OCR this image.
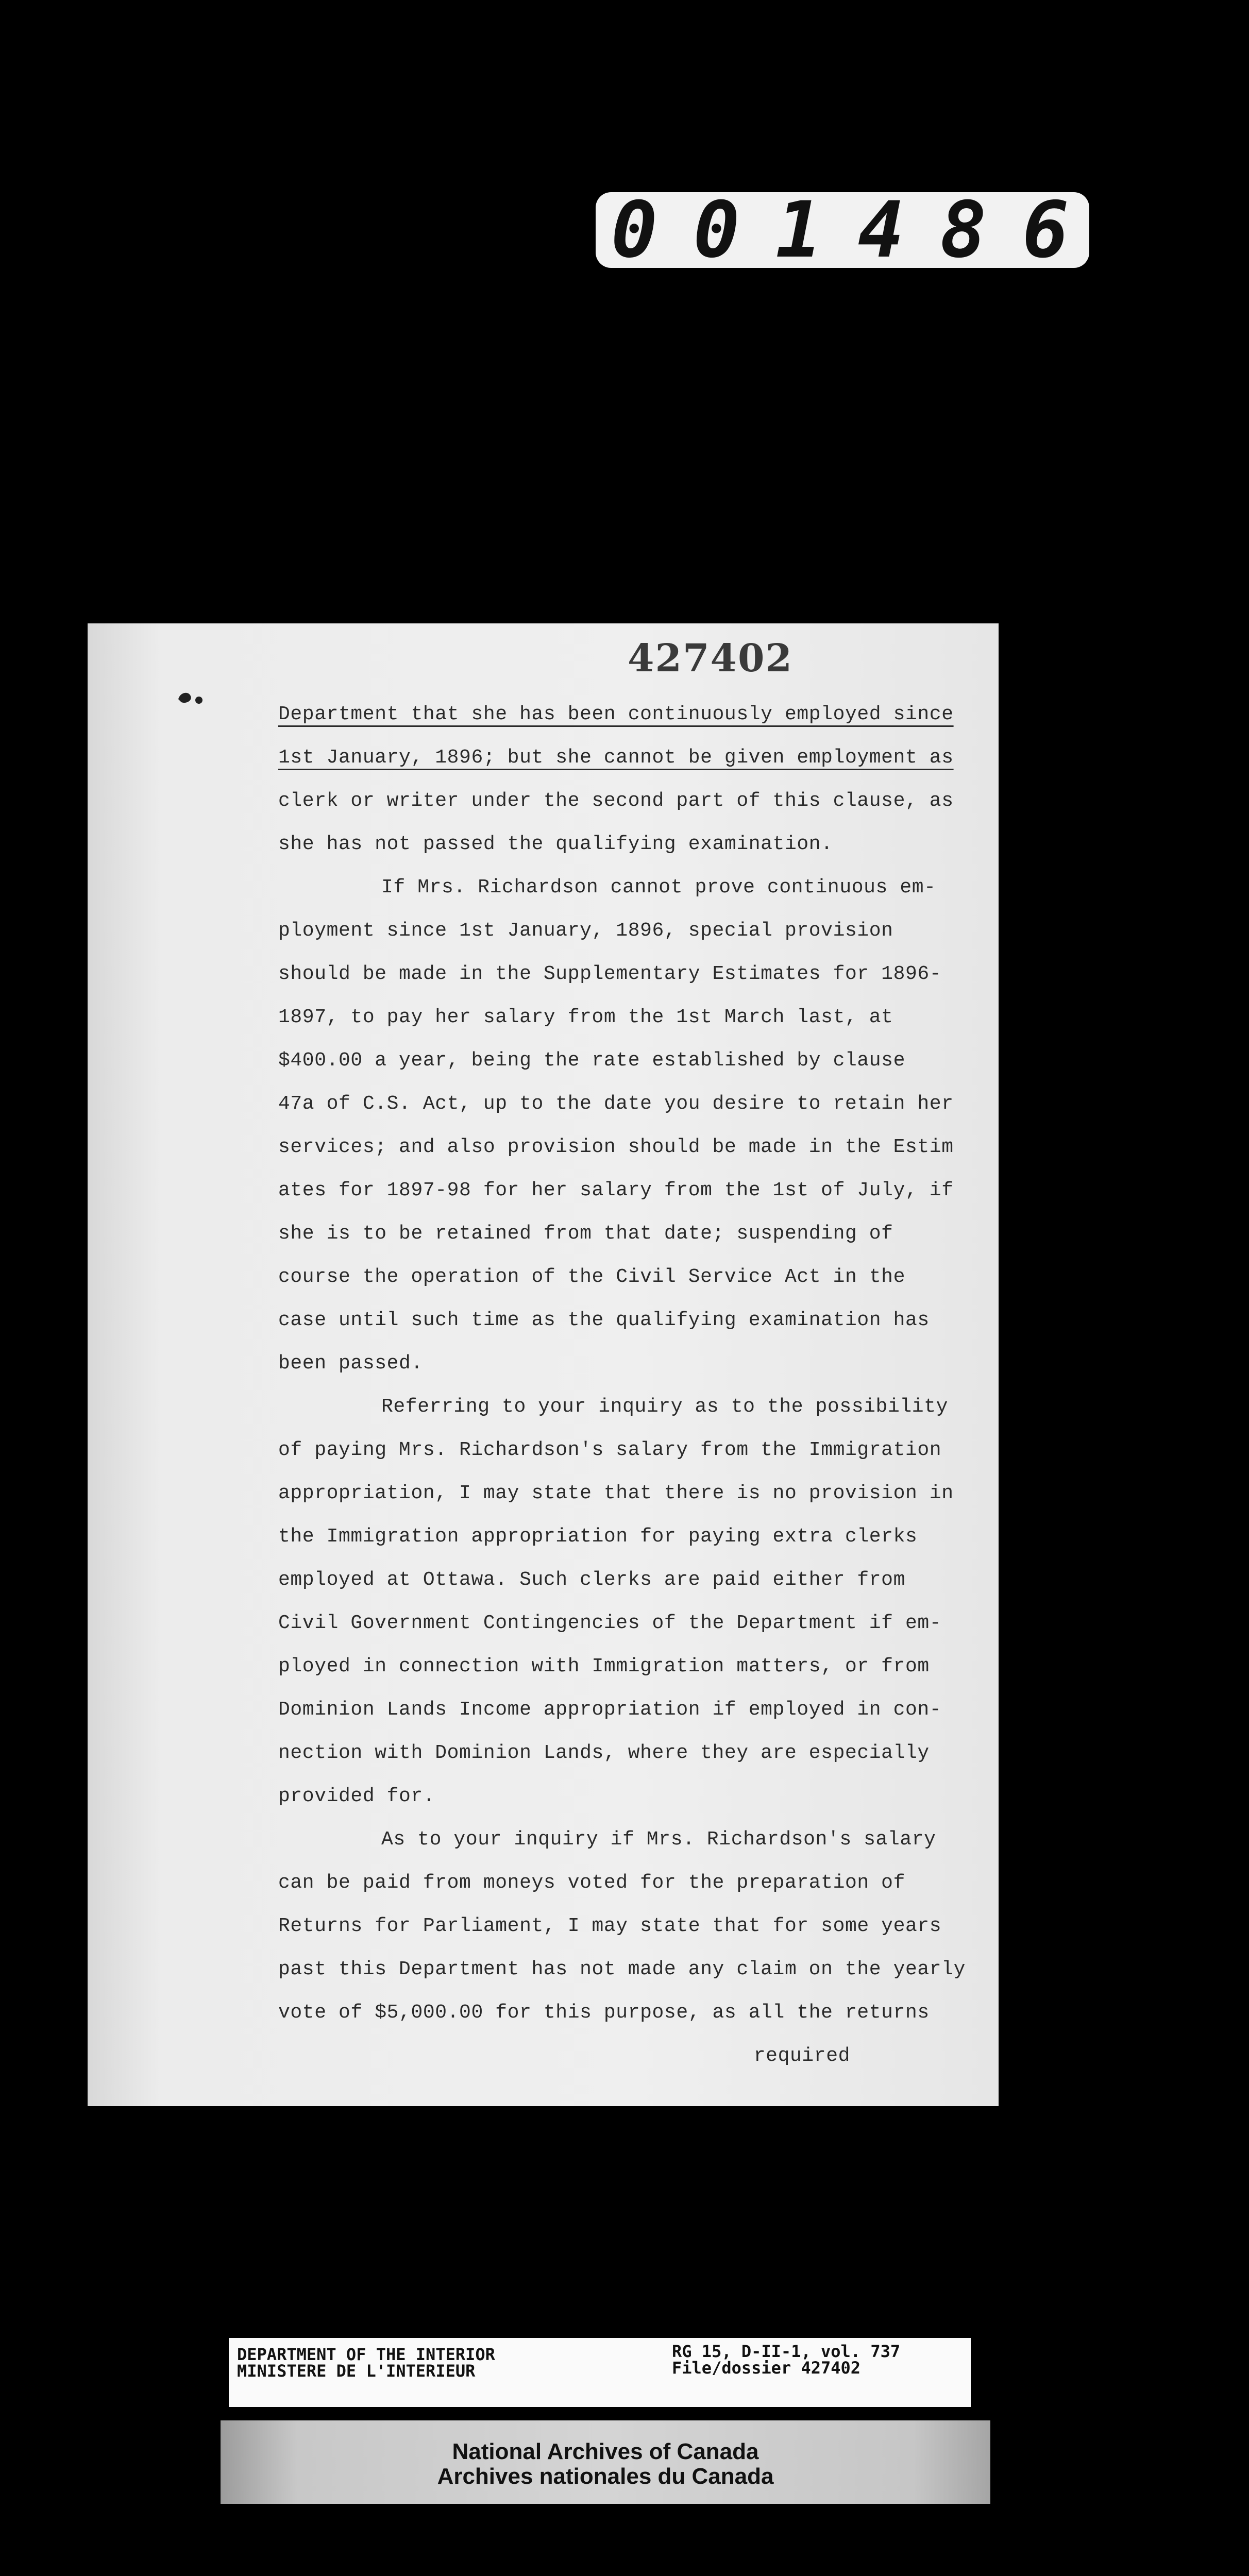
0 0 1 4 8 6
427402
Department that she has been continuously employed since
1st January, 1896; but she cannot be given employment as
clerk or writer under the second part of this clause, as
she has not passed the qualifying examination.
If Mrs. Richardson cannot prove continuous em-
ployment since 1st January, 1896, special provision
should be made in the Supplementary Estimates for 1896-
1897, to pay her salary from the 1st March last, at
$400.00 a year, being the rate established by clause
47a of C.S. Act, up to the date you desire to retain her
services; and also provision should be made in the Estim
ates for 1897-98 for her salary from the 1st of July, if
she is to be retained from that date; suspending of
course the operation of the Civil Service Act in the
case until such time as the qualifying examination has
been passed.
Referring to your inquiry as to the possibility
of paying Mrs. Richardson's salary from the Immigration
appropriation, I may state that there is no provision in
the Immigration appropriation for paying extra clerks
employed at Ottawa. Such clerks are paid either from
Civil Government Contingencies of the Department if em-
ployed in connection with Immigration matters, or from
Dominion Lands Income appropriation if employed in con-
nection with Dominion Lands, where they are especially
provided for.
As to your inquiry if Mrs. Richardson's salary
can be paid from moneys voted for the preparation of
Returns for Parliament, I may state that for some years
past this Department has not made any claim on the yearly
vote of $5,000.00 for this purpose, as all the returns
required
DEPARTMENT OF THE INTERIOR
MINISTERE DE L'INTERIEUR
RG 15, D-II-1, vol. 737
File/dossier 427402
National Archives of Canada
Archives nationales du Canada
